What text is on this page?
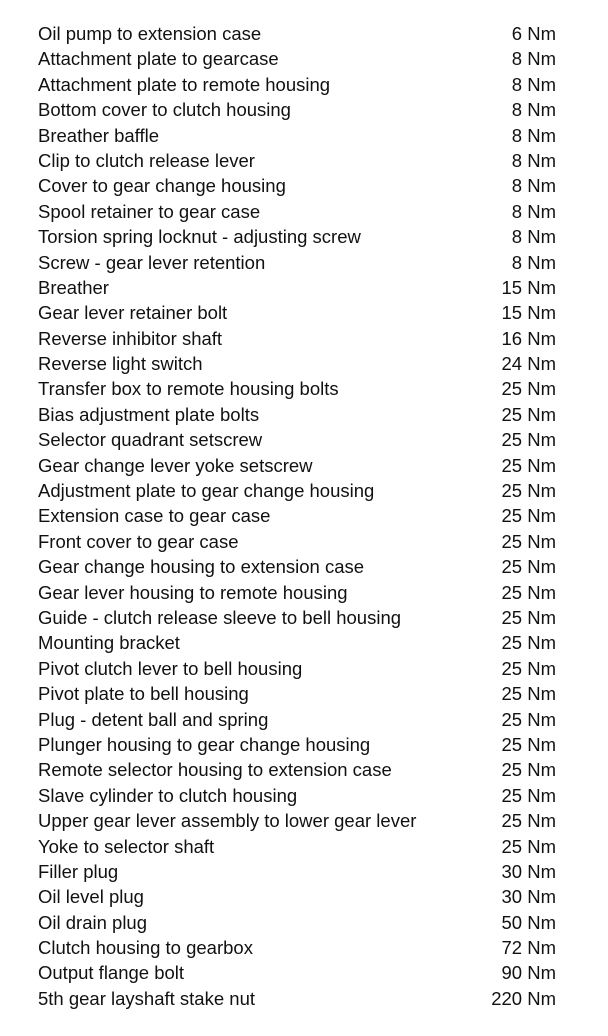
Oil pump to extension case	6 Nm
Attachment plate to gearcase	8 Nm
Attachment plate to remote housing	8 Nm
Bottom cover to clutch housing	8 Nm
Breather baffle	8 Nm
Clip to clutch release lever	8 Nm
Cover to gear change housing	8 Nm
Spool retainer to gear case	8 Nm
Torsion spring locknut - adjusting screw	8 Nm
Screw - gear lever retention	8 Nm
Breather	15 Nm
Gear lever retainer bolt	15 Nm
Reverse inhibitor shaft	16 Nm
Reverse light switch	24 Nm
Transfer box to remote housing bolts	25 Nm
Bias adjustment plate bolts	25 Nm
Selector quadrant setscrew	25 Nm
Gear change lever yoke setscrew	25 Nm
Adjustment plate to gear change housing	25 Nm
Extension case to gear case	25 Nm
Front cover to gear case	25 Nm
Gear change housing to extension case	25 Nm
Gear lever housing to remote housing	25 Nm
Guide - clutch release sleeve to bell housing	25 Nm
Mounting bracket	25 Nm
Pivot clutch lever to bell housing	25 Nm
Pivot plate to bell housing	25 Nm
Plug - detent ball and spring	25 Nm
Plunger housing to gear change housing	25 Nm
Remote selector housing to extension case	25 Nm
Slave cylinder to clutch housing	25 Nm
Upper gear lever assembly to lower gear lever	25 Nm
Yoke to selector shaft	25 Nm
Filler plug	30 Nm
Oil level plug	30 Nm
Oil drain plug	50 Nm
Clutch housing to gearbox	72 Nm
Output flange bolt	90 Nm
5th gear layshaft stake nut	220 Nm
